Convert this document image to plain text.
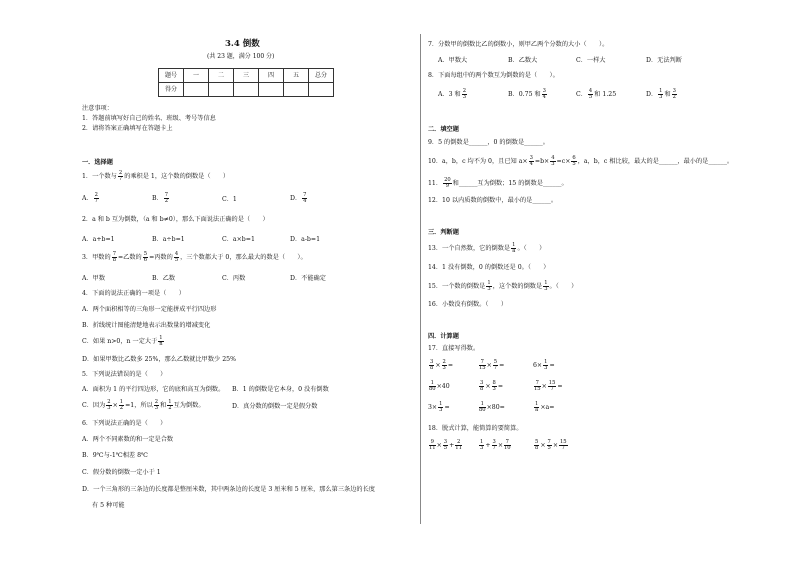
3.4 倒数
(共 23 题，满分 100 分)
题号	一	二	三	四	五	总分
得分						
注意事项：
1．答题前填写好自己的姓名、班级、考号等信息
2．请将答案正确填写在答题卡上
一．选择题
1．一个数与 $\frac{2}{7}$ 的乘积是 1，这个数的倒数是（　　）
A． $\frac{2}{7}$	B． $\frac{7}{2}$	C．1	D． $\frac{7}{4}$
2．a 和 b 互为倒数，（a 和 b≠0），那么下面说法正确的是（　　）
A．a+b=1	B．a÷b=1	C．a×b=1	D．a-b=1
3．甲数的 $\frac{7}{8}$ =乙数的 $\frac{5}{6}$ =丙数的 $\frac{4}{5}$ ，三个数都大于 0，那么最大的数是（　　）。
A．甲数	B．乙数	C．丙数	D．不能确定
4．下面的说法正确的一项是（　　）
A．两个面积相等的三角形一定能拼成平行四边形
B．折线统计图能清楚地表示出数量的增减变化
C．如果 n>0，n 一定大于 $\frac{1}{n}$
D．如果甲数比乙数多 25%，那么乙数就比甲数少 25%
5．下列说法错误的是（　　）
A．面积为 1 的平行四边形，它的底和高互为倒数。 B．1 的倒数是它本身，0 没有倒数
C．因为 $\frac{2}{3} \times \frac{1}{2} =1$，所以 $\frac{2}{3}$ 和 $\frac{1}{2}$ 互为倒数。	D．真分数的倒数一定是假分数
6．下列说法正确的是（　　）
A．两个不同素数的和一定是合数
B．9℃与-1℃相差 8℃
C．假分数的倒数一定小于 1
D．一个三角形的三条边的长度都是整厘米数，其中两条边的长度是 3 厘米和 5 厘米，那么第三条边的长度
有 5 种可能
7．分数甲的倒数比乙的倒数小，则甲乙两个分数的大小（　　）。
A．甲数大	B．乙数大	C．一样大	D．无法判断
8．下面每组中的两个数互为倒数的是（　　）。
A．3 和 $\frac{2}{3}$	B．0.75 和 $\frac{3}{4}$	C． $\frac{4}{5}$ 和 1.25	D． $\frac{1}{3}$ 和 $\frac{3}{2}$
二．填空题
9．5 的倒数是______，0 的倒数是______。
10．a，b，c 均不为 0，且已知 $a\times \frac{3}{4} =b\times \frac{4}{3} =c\times \frac{6}{5}$ ，a，b，c 相比较，最大的是______，最小的是______。
11． $\frac{20}{9}$ 和______互为倒数；15 的倒数是______。
12．10 以内质数的倒数中，最小的是______。
三．判断题
13．一个自然数，它的倒数是 $\frac{1}{a}$ 。（　　）
14．1 没有倒数，0 的倒数还是 0。（　　）
15．一个数的倒数是 $\frac{1}{3}$ ，这个数的倒数是 $\frac{1}{3}$ 。（　　）
16．小数没有倒数。（　　）
四．计算题
17．直接写得数。
$\frac{3}{8} \times \frac{2}{3}$ =	$\frac{7}{15} \times \frac{5}{7}$ =	$6\times \frac{1}{3}$ =
$\frac{1}{80} \times 40$	$\frac{3}{8} \times \frac{8}{3}$ =	$\frac{7}{15} \times \frac{15}{7}$ =
$3\times \frac{1}{3}$ =	$\frac{1}{80} \times 80=$	$\frac{1}{a} \times a=$
18．脱式计算，能简算的要简算。
$\frac{9}{11} \times \frac{3}{5} + \frac{2}{11}$	$\frac{1}{3} + \frac{3}{7} \times \frac{7}{10}$	$\frac{5}{8} \times \frac{7}{5} \times \frac{15}{7}$
